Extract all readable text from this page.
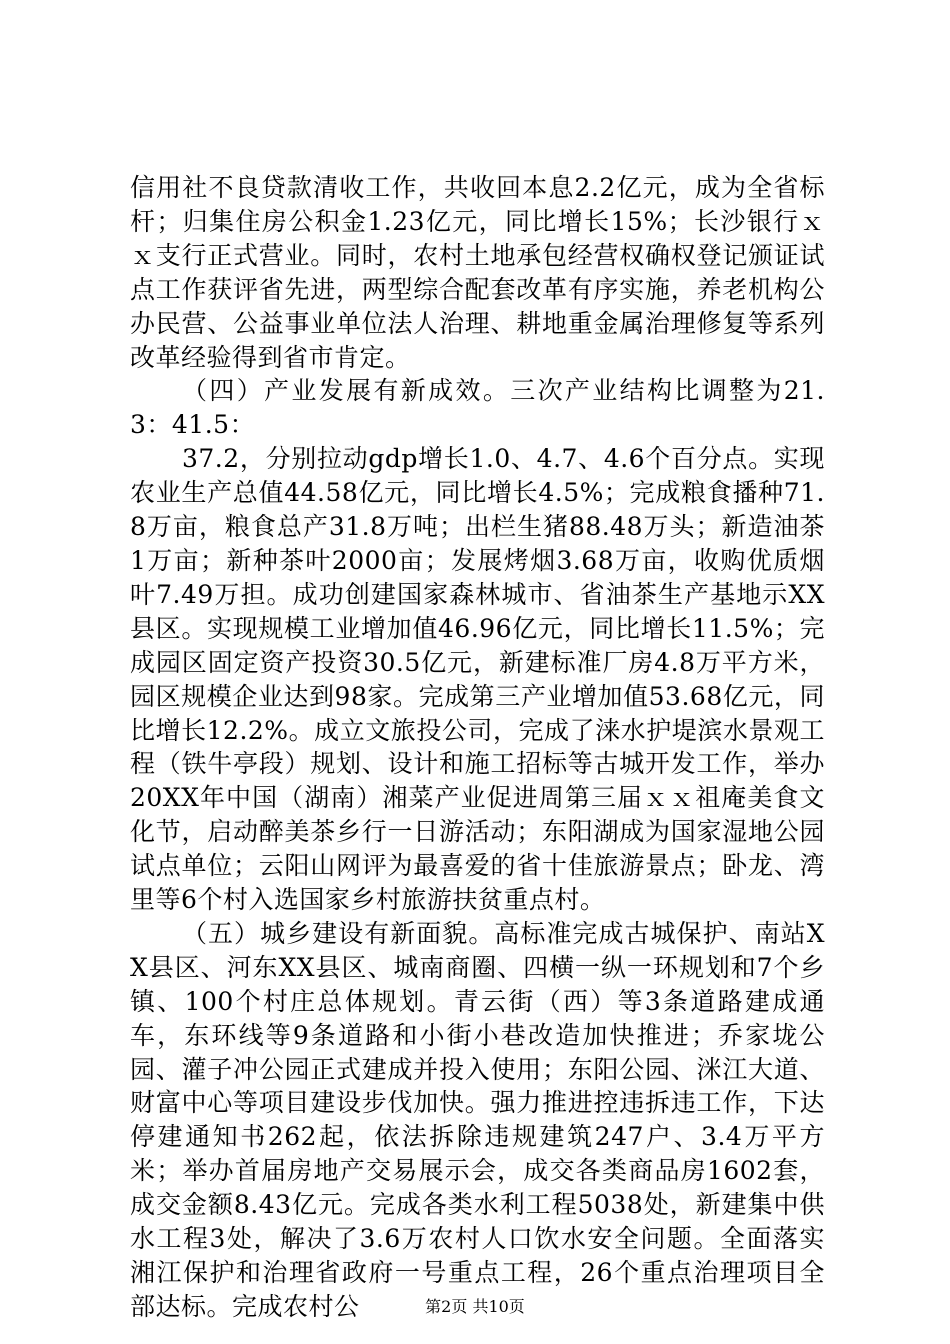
信用社不良贷款清收工作，共收回本息2.2亿元，成为全省标杆；归集住房公积金1.23亿元，同比增长15%；长沙银行ｘｘ支行正式营业。同时，农村土地承包经营权确权登记颁证试点工作获评省先进，两型综合配套改革有序实施，养老机构公办民营、公益事业单位法人治理、耕地重金属治理修复等系列改革经验得到省市肯定。

（四）产业发展有新成效。三次产业结构比调整为21.3：41.5：

37.2，分别拉动gdp增长1.0、4.7、4.6个百分点。实现农业生产总值44.58亿元，同比增长4.5%；完成粮食播种71.8万亩，粮食总产31.8万吨；出栏生猪88.48万头；新造油茶1万亩；新种茶叶2000亩；发展烤烟3.68万亩，收购优质烟叶7.49万担。成功创建国家森林城市、省油茶生产基地示XX县区。实现规模工业增加值46.96亿元，同比增长11.5%；完成园区固定资产投资30.5亿元，新建标准厂房4.8万平方米，园区规模企业达到98家。完成第三产业增加值53.68亿元，同比增长12.2%。成立文旅投公司，完成了涞水护堤滨水景观工程（铁牛亭段）规划、设计和施工招标等古城开发工作，举办20XX年中国（湖南）湘菜产业促进周第三届ｘｘ祖庵美食文化节，启动醉美茶乡行一日游活动；东阳湖成为国家湿地公园试点单位；云阳山网评为最喜爱的省十佳旅游景点；卧龙、湾里等6个村入选国家乡村旅游扶贫重点村。

（五）城乡建设有新面貌。高标准完成古城保护、南站XX县区、河东XX县区、城南商圈、四横一纵一环规划和7个乡镇、100个村庄总体规划。青云街（西）等3条道路建成通车，东环线等9条道路和小街小巷改造加快推进；乔家垅公园、灌子冲公园正式建成并投入使用；东阳公园、洣江大道、财富中心等项目建设步伐加快。强力推进控违拆违工作，下达停建通知书262起，依法拆除违规建筑247户、3.4万平方米；举办首届房地产交易展示会，成交各类商品房1602套，成交金额8.43亿元。完成各类水利工程5038处，新建集中供水工程3处，解决了3.6万农村人口饮水安全问题。全面落实湘江保护和治理省政府一号重点工程，26个重点治理项目全部达标。完成农村公	第2页 共10页
